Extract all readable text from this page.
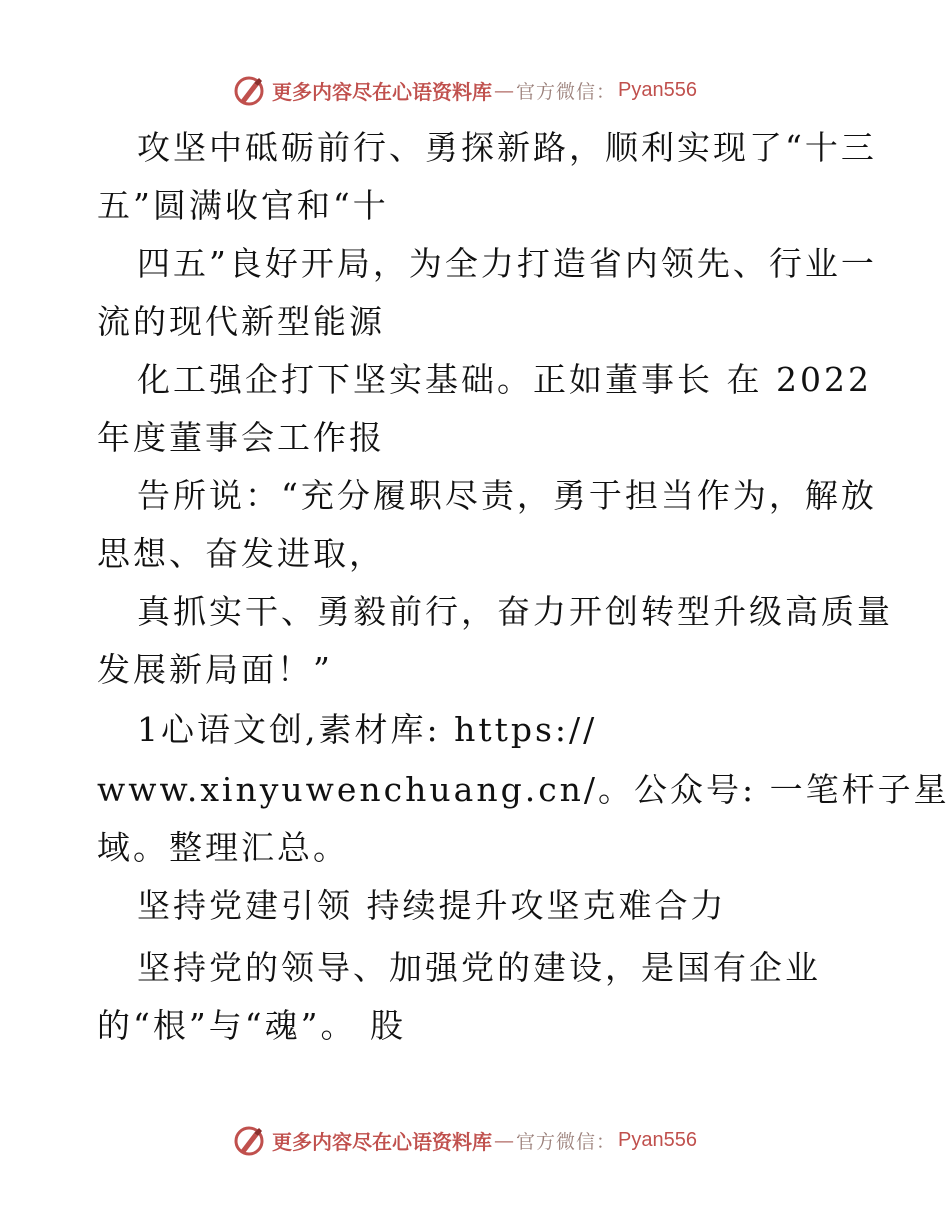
更多内容尽在心语资料库 — 官方微信： Pyan556
攻坚中砥砺前行、勇探新路，顺利实现了“十三
五”圆满收官和“十
四五”良好开局，为全力打造省内领先、行业一
流的现代新型能源
化工强企打下坚实基础。正如董事长 在 2022
年度董事会工作报
告所说：“充分履职尽责，勇于担当作为，解放
思想、奋发进取，
真抓实干、勇毅前行，奋力开创转型升级高质量
发展新局面！”
1心语文创,素材库: https://
www.xinyuwenchuang.cn/。公众号: 一笔杆子星
域。整理汇总。
坚持党建引领 持续提升攻坚克难合力
坚持党的领导、加强党的建设，是国有企业
的“根”与“魂”。 股
更多内容尽在心语资料库 — 官方微信： Pyan556
